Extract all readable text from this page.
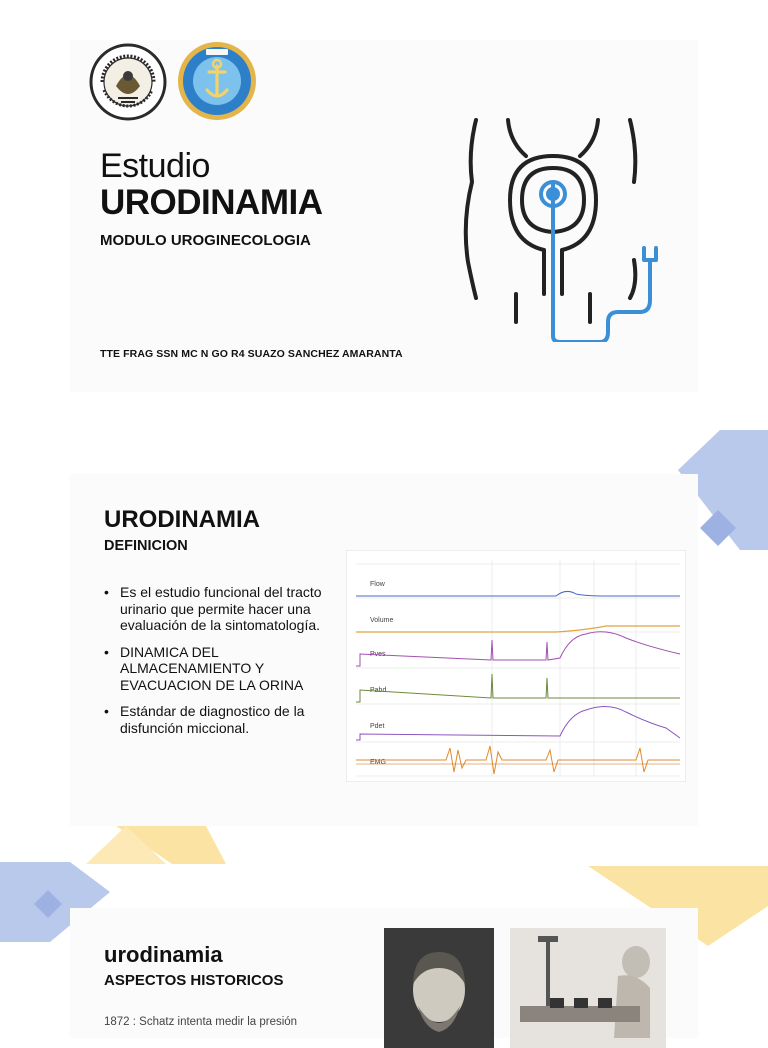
Estudio
URODINAMIA
MODULO UROGINECOLOGIA
TTE FRAG SSN MC N GO R4 SUAZO SANCHEZ AMARANTA
URODINAMIA
DEFINICION
• Es el estudio funcional del tracto urinario que permite hacer una evaluación de la sintomatología.
• DINAMICA DEL ALMACENAMIENTO Y EVACUACION DE LA ORINA
• Estándar de diagnostico de la disfunción miccional.
Flow
Volume
Pves
Pabd
Pdet
EMG
urodinamia
ASPECTOS HISTORICOS
1872 : Schatz intenta medir la presión
